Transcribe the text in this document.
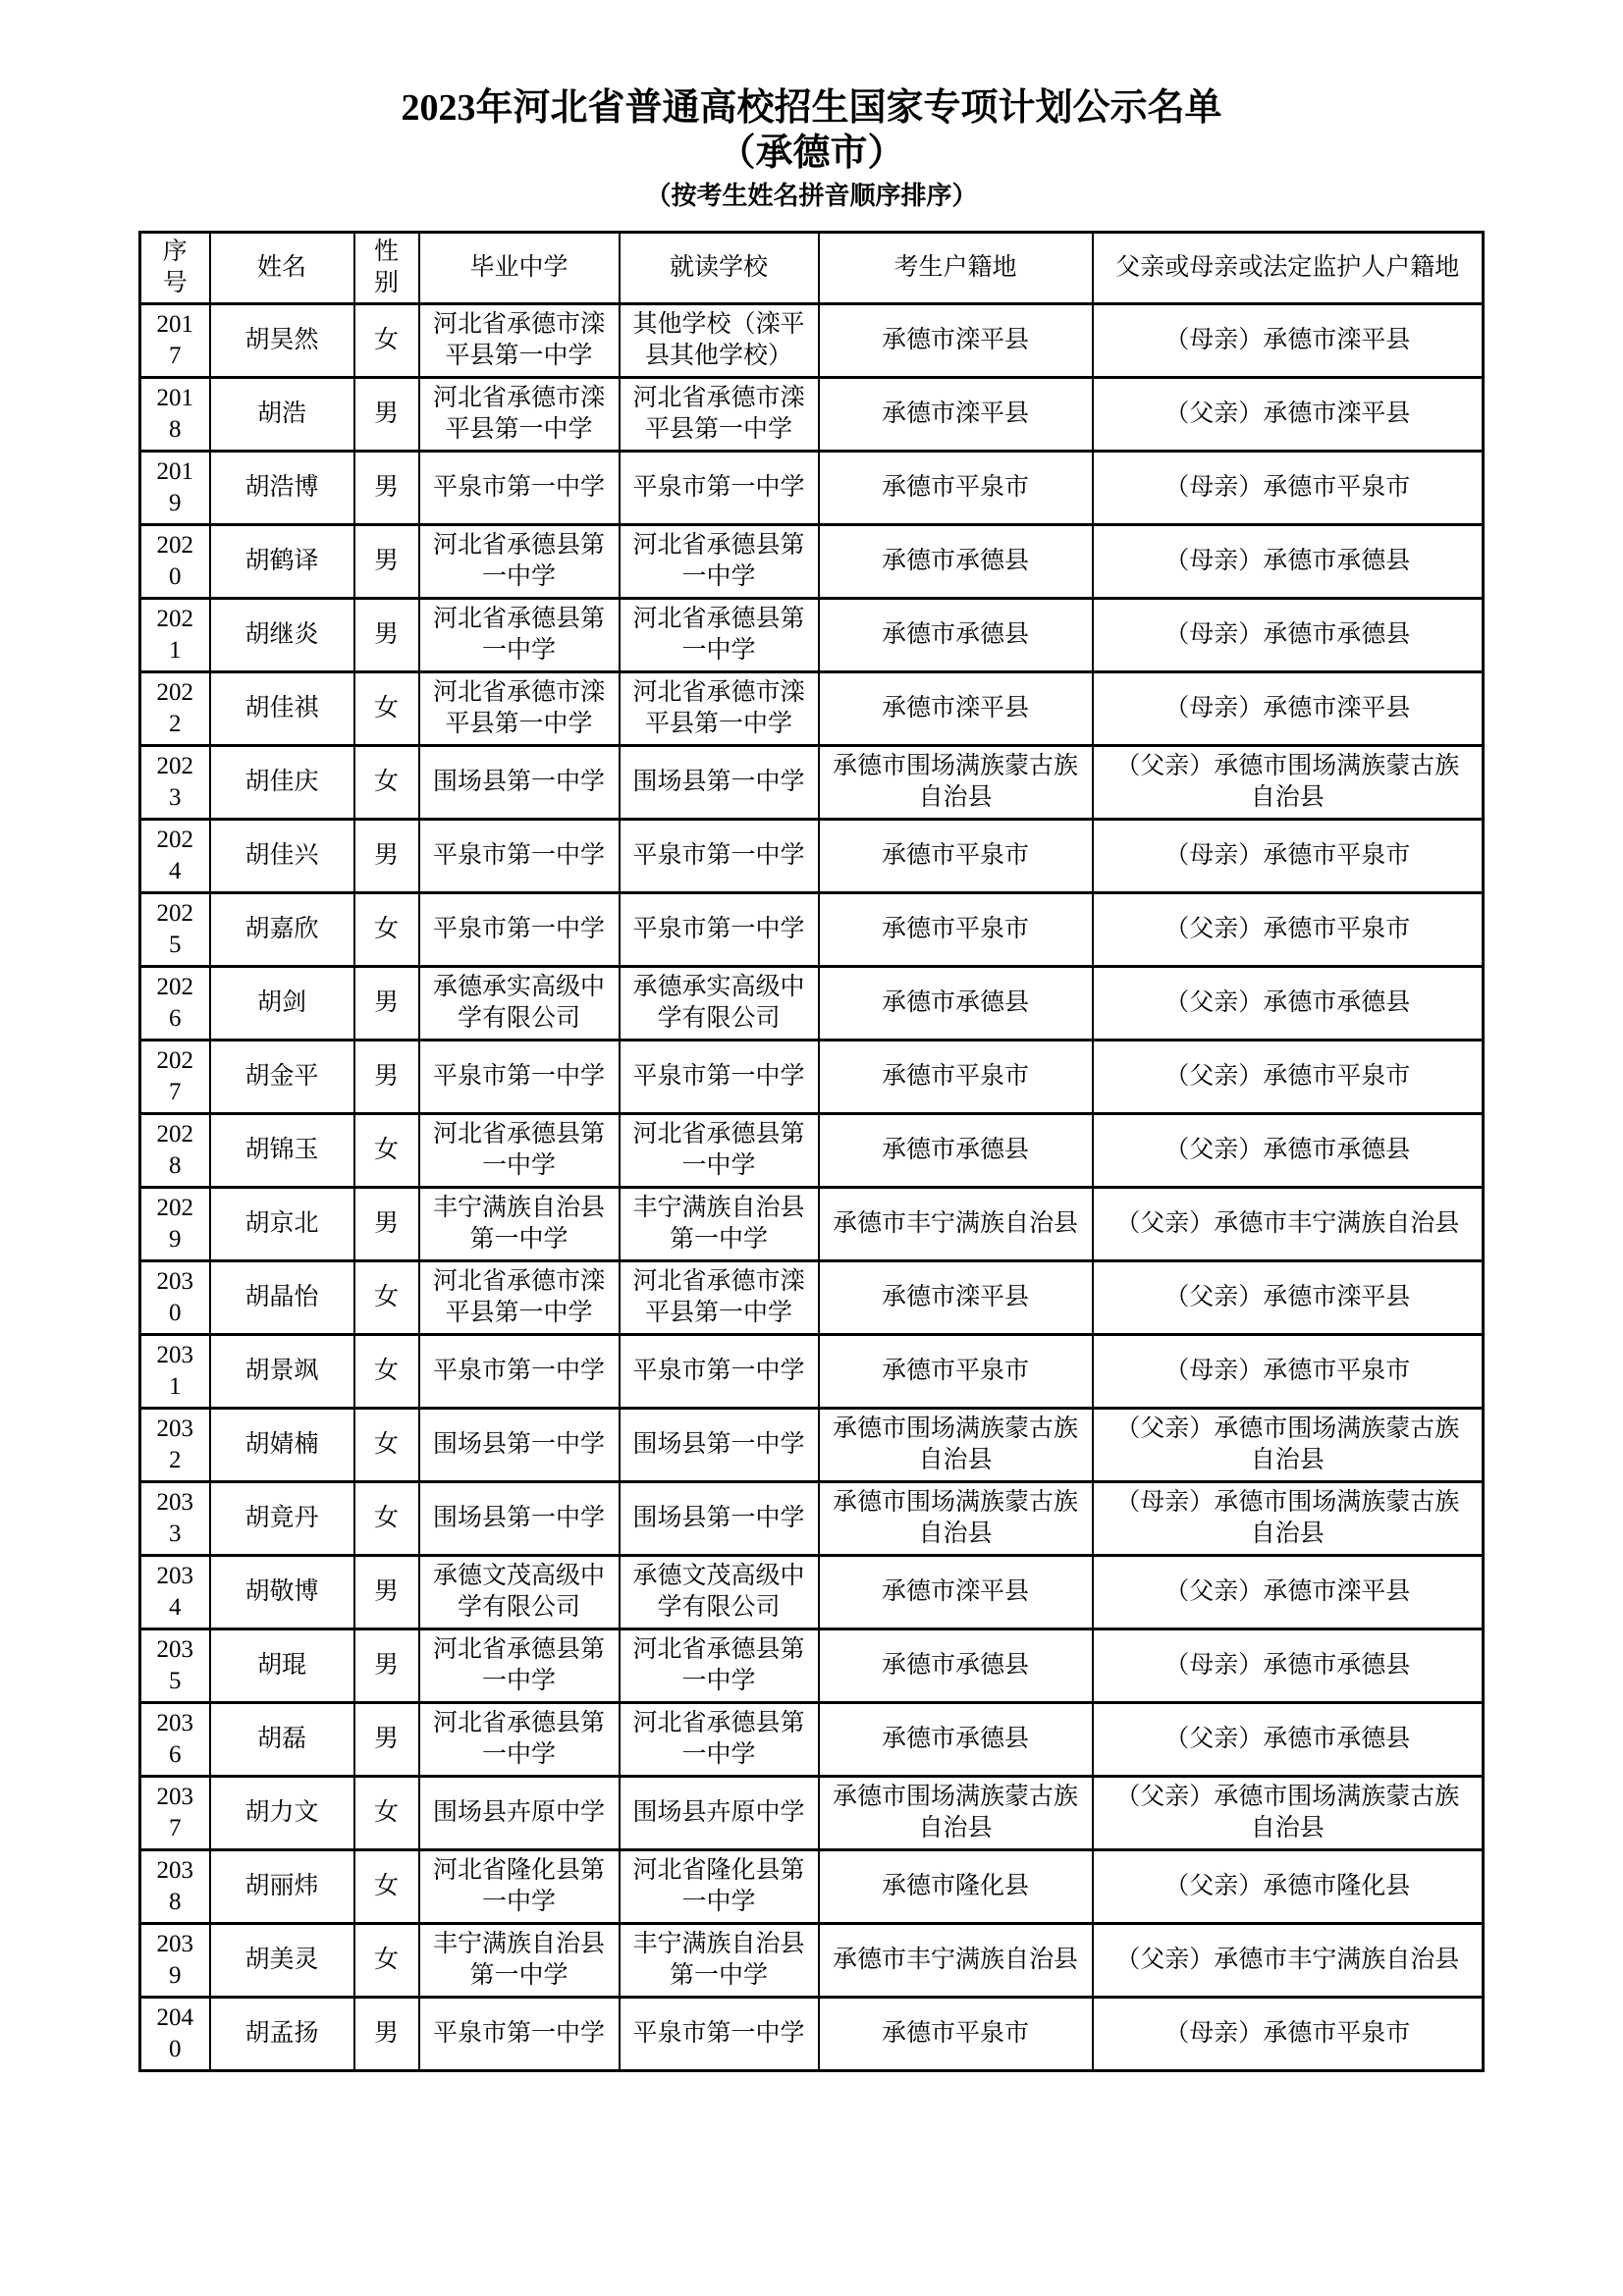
2023年河北省普通高校招生国家专项计划公示名单
（承德市）
（按考生姓名拼音顺序排序）
序号	姓名	性别	毕业中学	就读学校	考生户籍地	父亲或母亲或法定监护人户籍地
2017	胡昊然	女	河北省承德市滦平县第一中学	其他学校（滦平县其他学校）	承德市滦平县	（母亲）承德市滦平县
2018	胡浩	男	河北省承德市滦平县第一中学	河北省承德市滦平县第一中学	承德市滦平县	（父亲）承德市滦平县
2019	胡浩博	男	平泉市第一中学	平泉市第一中学	承德市平泉市	（母亲）承德市平泉市
2020	胡鹤译	男	河北省承德县第一中学	河北省承德县第一中学	承德市承德县	（母亲）承德市承德县
2021	胡继炎	男	河北省承德县第一中学	河北省承德县第一中学	承德市承德县	（母亲）承德市承德县
2022	胡佳祺	女	河北省承德市滦平县第一中学	河北省承德市滦平县第一中学	承德市滦平县	（母亲）承德市滦平县
2023	胡佳庆	女	围场县第一中学	围场县第一中学	承德市围场满族蒙古族自治县	（父亲）承德市围场满族蒙古族自治县
2024	胡佳兴	男	平泉市第一中学	平泉市第一中学	承德市平泉市	（母亲）承德市平泉市
2025	胡嘉欣	女	平泉市第一中学	平泉市第一中学	承德市平泉市	（父亲）承德市平泉市
2026	胡剑	男	承德承实高级中学有限公司	承德承实高级中学有限公司	承德市承德县	（父亲）承德市承德县
2027	胡金平	男	平泉市第一中学	平泉市第一中学	承德市平泉市	（父亲）承德市平泉市
2028	胡锦玉	女	河北省承德县第一中学	河北省承德县第一中学	承德市承德县	（父亲）承德市承德县
2029	胡京北	男	丰宁满族自治县第一中学	丰宁满族自治县第一中学	承德市丰宁满族自治县	（父亲）承德市丰宁满族自治县
2030	胡晶怡	女	河北省承德市滦平县第一中学	河北省承德市滦平县第一中学	承德市滦平县	（父亲）承德市滦平县
2031	胡景飒	女	平泉市第一中学	平泉市第一中学	承德市平泉市	（母亲）承德市平泉市
2032	胡婧楠	女	围场县第一中学	围场县第一中学	承德市围场满族蒙古族自治县	（父亲）承德市围场满族蒙古族自治县
2033	胡竟丹	女	围场县第一中学	围场县第一中学	承德市围场满族蒙古族自治县	（母亲）承德市围场满族蒙古族自治县
2034	胡敬博	男	承德文茂高级中学有限公司	承德文茂高级中学有限公司	承德市滦平县	（父亲）承德市滦平县
2035	胡琨	男	河北省承德县第一中学	河北省承德县第一中学	承德市承德县	（母亲）承德市承德县
2036	胡磊	男	河北省承德县第一中学	河北省承德县第一中学	承德市承德县	（父亲）承德市承德县
2037	胡力文	女	围场县卉原中学	围场县卉原中学	承德市围场满族蒙古族自治县	（父亲）承德市围场满族蒙古族自治县
2038	胡丽炜	女	河北省隆化县第一中学	河北省隆化县第一中学	承德市隆化县	（父亲）承德市隆化县
2039	胡美灵	女	丰宁满族自治县第一中学	丰宁满族自治县第一中学	承德市丰宁满族自治县	（父亲）承德市丰宁满族自治县
2040	胡孟扬	男	平泉市第一中学	平泉市第一中学	承德市平泉市	（母亲）承德市平泉市
